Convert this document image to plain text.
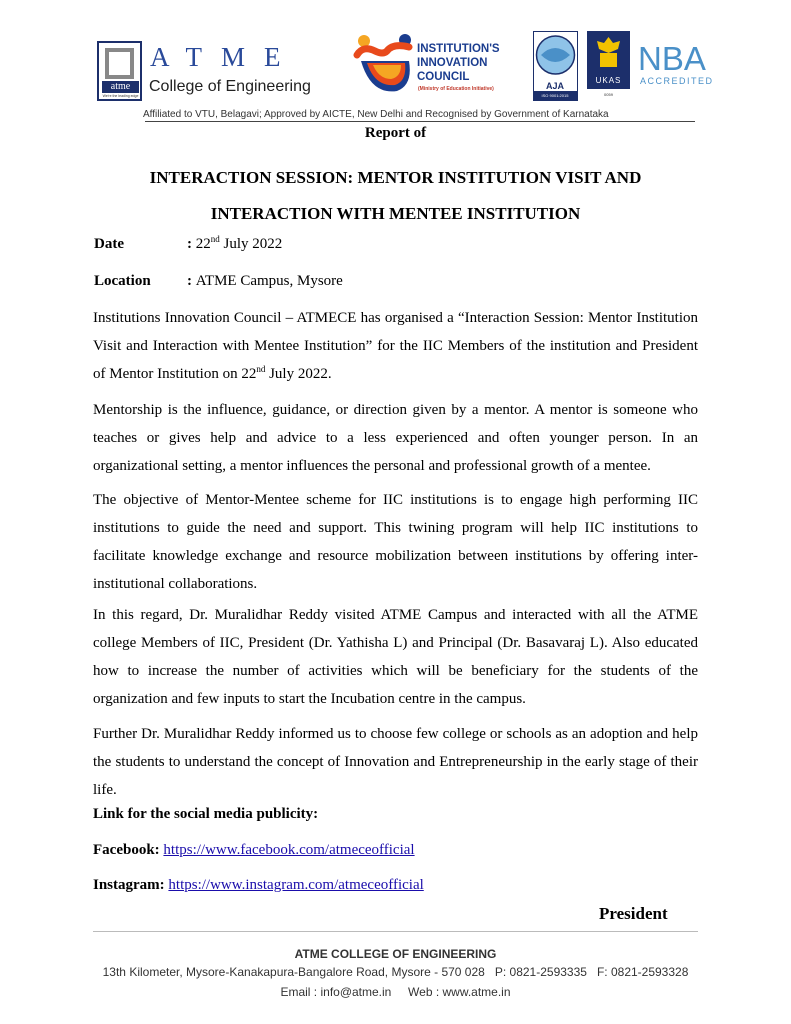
atme
We're the leading edge
ATME
College of Engineering
INSTITUTION'S
INNOVATION
COUNCIL
(Ministry of Education Initiative)	AJA
ISO 9001:2015
UKAS
0059
NBA
ACCREDITED
Affiliated to VTU, Belagavi; Approved by AICTE, New Delhi and Recognised by Government of Karnataka
Report of
INTERACTION SESSION: MENTOR INSTITUTION VISIT AND
INTERACTION WITH MENTEE INSTITUTION
Date	: 22nd July 2022
Location : ATME Campus, Mysore

Institutions Innovation Council – ATMECE has organised a “Interaction Session: Mentor Institution Visit and Interaction with Mentee Institution” for the IIC Members of the institution and President of Mentor Institution on 22nd July 2022.

Mentorship is the influence, guidance, or direction given by a mentor. A mentor is someone who teaches or gives help and advice to a less experienced and often younger person. In an organizational setting, a mentor influences the personal and professional growth of a mentee.

The objective of Mentor-Mentee scheme for IIC institutions is to engage high performing IIC institutions to guide the need and support. This twining program will help IIC institutions to facilitate knowledge exchange and resource mobilization between institutions by offering inter-institutional collaborations.

In this regard, Dr. Muralidhar Reddy visited ATME Campus and interacted with all the ATME college Members of IIC, President (Dr. Yathisha L) and Principal (Dr. Basavaraj L). Also educated how to increase the number of activities which will be beneficiary for the students of the organization and few inputs to start the Incubation centre in the campus.

Further Dr. Muralidhar Reddy informed us to choose few college or schools as an adoption and help the students to understand the concept of Innovation and Entrepreneurship in the early stage of their life.

Link for the social media publicity:
Facebook: https://www.facebook.com/atmeceofficial
Instagram: https://www.instagram.com/atmeceofficial
President
ATME COLLEGE OF ENGINEERING
13th Kilometer, Mysore-Kanakapura-Bangalore Road, Mysore - 570 028 P: 0821-2593335 F: 0821-2593328
Email : info@atme.in Web : www.atme.in
